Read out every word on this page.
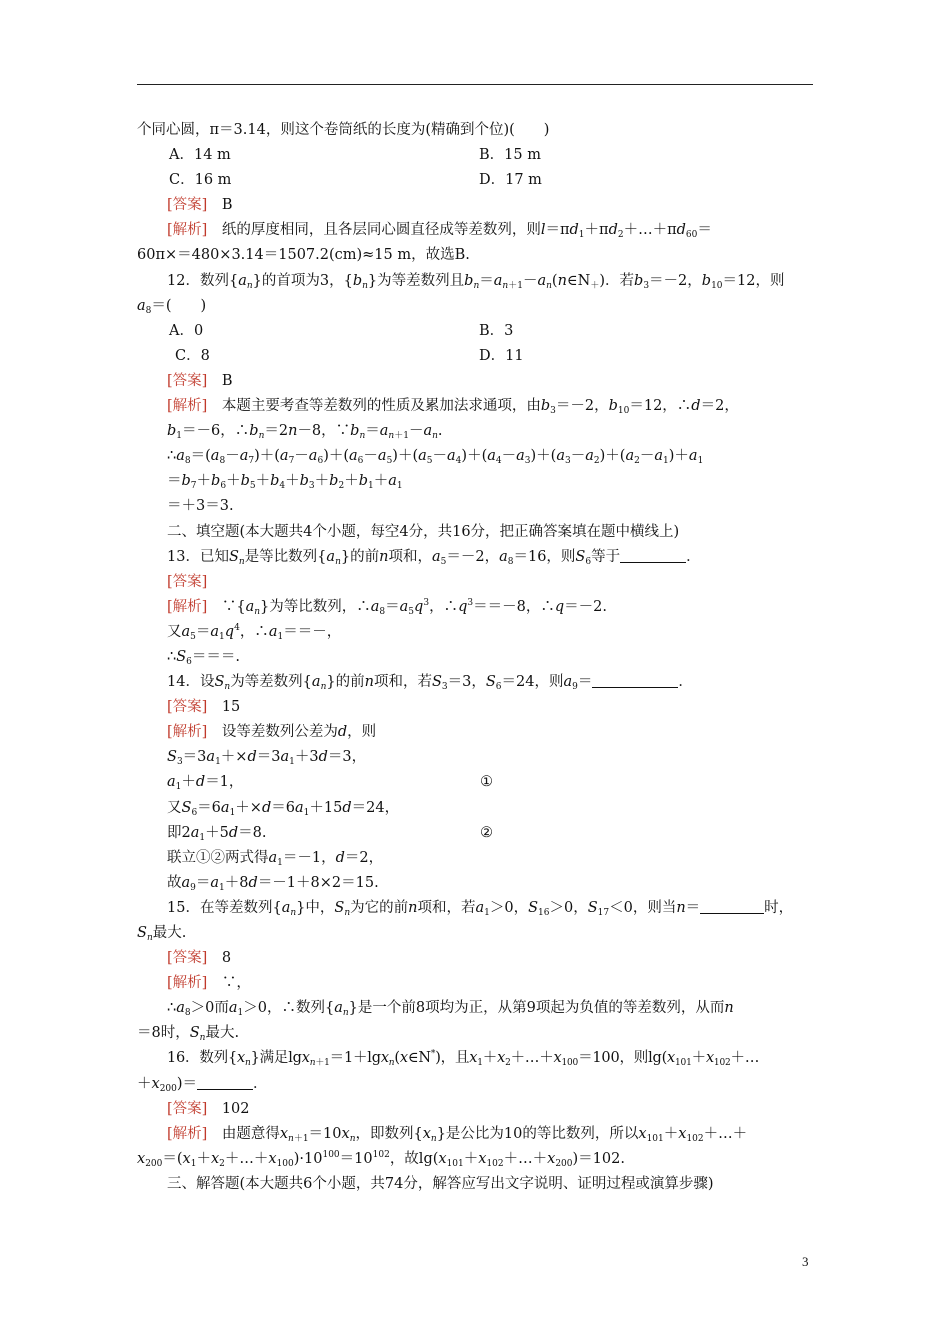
个同心圆，π＝3.14，则这个卷筒纸的长度为(精确到个位)(　　)
A．14 m	B．15 m
C．16 m	D．17 m
[答案]　 B
[解析]　 纸的厚度相同，且各层同心圆直径成等差数列，则$l=\pi d_1+\pi d_2+\dots+\pi d_{60}=$
60π×＝480×3.14＝1507.2(cm)≈15 m，故选B.
12．数列$\{a_n\}$的首项为3，$\{b_n\}$为等差数列且$b_n=a_{n+1}-a_n(n\in N_+)$．若$b_3=-2$，$b_{10}=12$，则
$a_8=$(　　)
A．0	B．3
C．8	D．11
[答案]　 B
[解析]　 本题主要考查等差数列的性质及累加法求通项，由$b_3=-2$，$b_{10}=12$，∴d＝2，
$b_1=-6$，$\therefore b_n=2n-8$，$\because b_n=a_{n+1}-a_n$.
$\therefore a_8=(a_8-a_7)+(a_7-a_6)+(a_6-a_5)+(a_5-a_4)+(a_4-a_3)+(a_3-a_2)+(a_2-a_1)+a_1$
$=b_7+b_6+b_5+b_4+b_3+b_2+b_1+a_1$
＝＋3＝3.
二、填空题(本大题共4个小题，每空4分，共16分，把正确答案填在题中横线上)
13．已知$S_n$是等比数列$\{a_n\}$的前n项和，$a_5=-2$，$a_8=16$，则$S_6$等于	．
[答案]
[解析]　 $\because\{a_n\}$为等比数列，$\therefore a_8=a_5q^3$，$\therefore q^3==-8$，∴q＝－2.
又$a_5=a_1q^4$，$\therefore a_1==-$，
$\therefore S_6===$.
14．设$S_n$为等差数列$\{a_n\}$的前n项和，若$S_3=3$，$S_6=24$，则$a_9=$	．
[答案]　 15
[解析]　 设等差数列公差为d，则
$S_3=3a_1+\times d=3a_1+3d=3$，
$a_1+d=1$，	①
又$S_6=6a_1+\times d=6a_1+15d=24$，
即$2a_1+5d=8$.	②
联立①②两式得$a_1=-1$，d＝2，
故$a_9=a_1+8d=-1+8\times 2=15$.
15．在等差数列$\{a_n\}$中，$S_n$为它的前n项和，若$a_1>0$，$S_{16}>0$，$S_{17}<0$，则当n＝	时，
$S_n$最大.
[答案]　 8
[解析]　 ∵，
$\therefore a_8>0$而$a_1>0$，∴数列$\{a_n\}$是一个前8项均为正，从第9项起为负值的等差数列，从而n
＝8时，$S_n$最大.
16．数列$\{x_n\}$满足lgx$_{n+1}$＝1＋lgx$_n$(x∈N*)，且$x_1+x_2+\dots+x_{100}=100$，则$\lg(x_{101}+x_{102}+\dots$
$+x_{200})=$	．
[答案]　 102
[解析]　 由题意得$x_{n+1}=10x_n$，即数列$\{x_n\}$是公比为10的等比数列，所以$x_{101}+x_{102}+\dots+$
$x_{200}=(x_1+x_2+\dots+x_{100})\cdot 10^{100}=10^{102}$，故$\lg(x_{101}+x_{102}+\dots+x_{200})=102$.
三、解答题(本大题共6个小题，共74分，解答应写出文字说明、证明过程或演算步骤)
3
